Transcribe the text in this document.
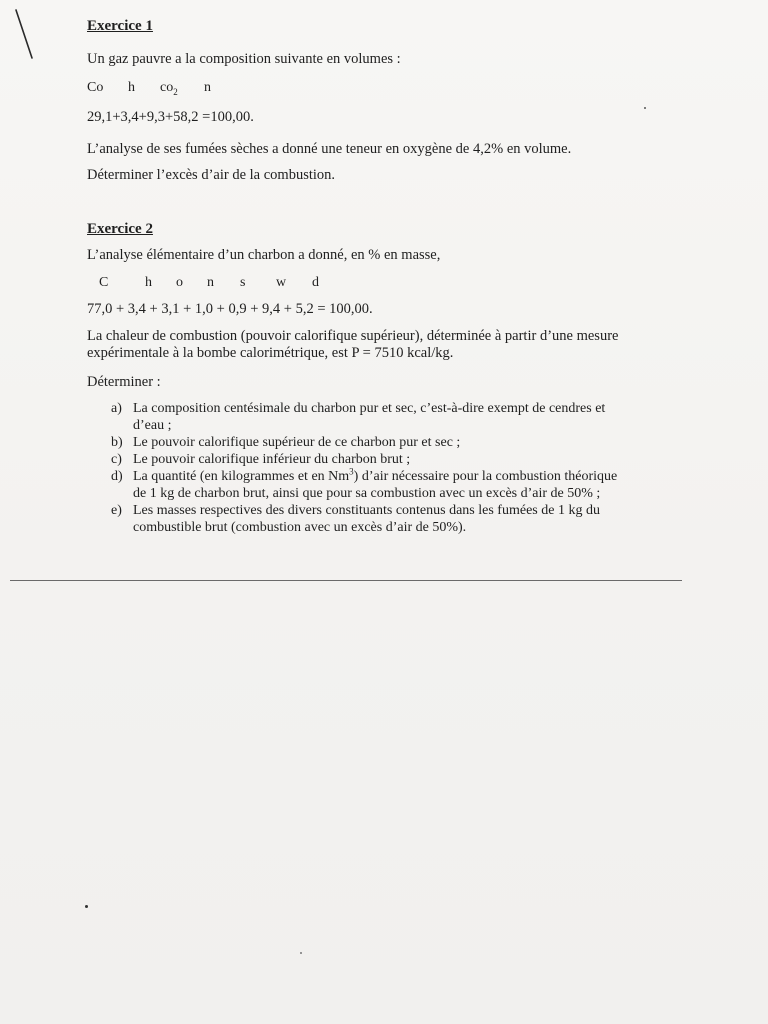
Exercice 1

Un gaz pauvre a la composition suivante en volumes :

Co h $co_2$ n

29,1+3,4+9,3+58,2 =100,00.

L’analyse de ses fumées sèches a donné une teneur en oxygène de 4,2% en volume.

Déterminer l’excès d’air de la combustion.

Exercice 2

L’analyse élémentaire d’un charbon a donné, en % en masse,

C	h o n s w d

77,0 + 3,4 + 3,1 + 1,0 + 0,9 + 9,4 + 5,2 = 100,00.

La chaleur de combustion (pouvoir calorifique supérieur), déterminée à partir d’une mesure

expérimentale à la bombe calorimétrique, est P = 7510 kcal/kg.

Déterminer :

a) La composition centésimale du charbon pur et sec, c’est-à-dire exempt de cendres et
d’eau ;
b) Le pouvoir calorifique supérieur de ce charbon pur et sec ;
c) Le pouvoir calorifique inférieur du charbon brut ;
d) La quantité (en kilogrammes et en Nm$^3$) d’air nécessaire pour la combustion théorique
de 1 kg de charbon brut, ainsi que pour sa combustion avec un excès d’air de 50% ;
e) Les masses respectives des divers constituants contenus dans les fumées de 1 kg du
combustible brut (combustion avec un excès d’air de 50%).
